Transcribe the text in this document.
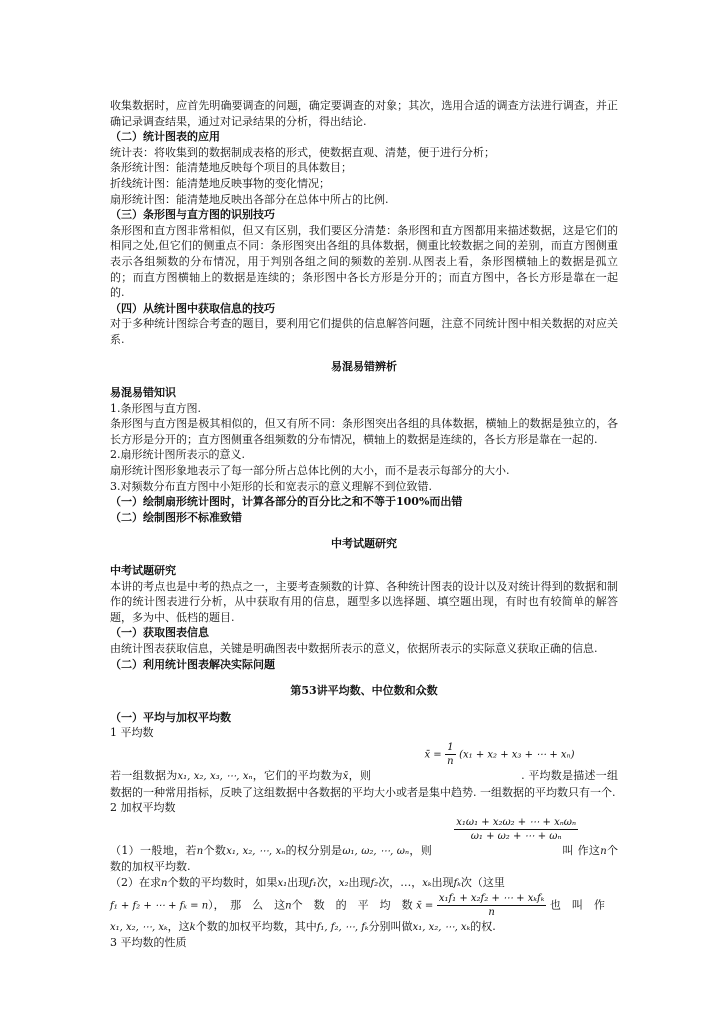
收集数据时，应首先明确要调查的问题，确定要调查的对象；其次，选用合适的调查方法进行调查，并正确记录调查结果，通过对记录结果的分析，得出结论.

（二）统计图表的应用

统计表：将收集到的数据制成表格的形式，使数据直观、清楚，便于进行分析；

条形统计图：能清楚地反映每个项目的具体数目；

折线统计图：能清楚地反映事物的变化情况；

扇形统计图：能清楚地反映出各部分在总体中所占的比例.

（三）条形图与直方图的识别技巧

条形图和直方图非常相似，但又有区别，我们要区分清楚：条形图和直方图都用来描述数据，这是它们的相同之处,但它们的侧重点不同：条形图突出各组的具体数据，侧重比较数据之间的差别，而直方图侧重表示各组频数的分布情况，用于判别各组之间的频数的差别.从图表上看，条形图横轴上的数据是孤立的；而直方图横轴上的数据是连续的；条形图中各长方形是分开的；而直方图中，各长方形是靠在一起的.

（四）从统计图中获取信息的技巧

对于多种统计图综合考查的题目，要利用它们提供的信息解答问题，注意不同统计图中相关数据的对应关系.

易混易错辨析

易混易错知识

1.条形图与直方图.

条形图与直方图是极其相似的，但又有所不同：条形图突出各组的具体数据，横轴上的数据是独立的，各长方形是分开的；直方图侧重各组频数的分布情况，横轴上的数据是连续的，各长方形是靠在一起的.

2.扇形统计图所表示的意义.

扇形统计图形象地表示了每一部分所占总体比例的大小，而不是表示每部分的大小.

3.对频数分布直方图中小矩形的长和宽表示的意义理解不到位致错.

（一）绘制扇形统计图时，计算各部分的百分比之和不等于100%而出错

（二）绘制图形不标准致错

中考试题研究

中考试题研究

本讲的考点也是中考的热点之一，主要考查频数的计算、各种统计图表的设计以及对统计得到的数据和制作的统计图表进行分析，从中获取有用的信息，题型多以选择题、填空题出现，有时也有较简单的解答题，多为中、低档的题目.

（一）获取图表信息

由统计图表获取信息，关键是明确图表中数据所表示的意义，依据所表示的实际意义获取正确的信息.

（二）利用统计图表解决实际问题

第53讲平均数、中位数和众数

（一）平均与加权平均数

1 平均数

x̄ = $\frac{1}{n} (x_1 + x_2 + x_3$ + ⋯ + xₙ)

若一组数据为x₁, x₂, x₃, ⋯, xₙ，它们的平均数为x̄，则	. 平均数是描述一组数据的一种常用指标，反映了这组数据中各数据的平均大小或者是集中趋势. 一组数据的平均数只有一个.

2 加权平均数

$\frac{\text{x₁ω₁ + x₂ω₂ + ⋯ + xₙωₙ}}{\text{ω₁ + ω₂ + ⋯ + ωₙ}}$

（1）一般地，若n个数x₁, x₂, ⋯, xₙ的权分别是ω₁, ω₂, ⋯, ωₙ，则	叫 作这n个数的加权平均数.

（2）在求n个数的平均数时，如果x₁出现f₁次，x₂出现f₂次，…，xₖ出现fₖ次（这里

f₁ + f₂ + ⋯ + fₖ = n），　那　么　这n个　数　的　平　均　数 x̄ = $\frac{\text{x₁f₁ + x₂f₂ + ⋯ + xₖfₖ}}{n}$ 也　叫　作

x₁, x₂, ⋯, xₖ，这k个数的加权平均数，其中f₁, f₂, ⋯, fₖ分别叫做x₁, x₂, ⋯, xₖ的权.

3 平均数的性质
